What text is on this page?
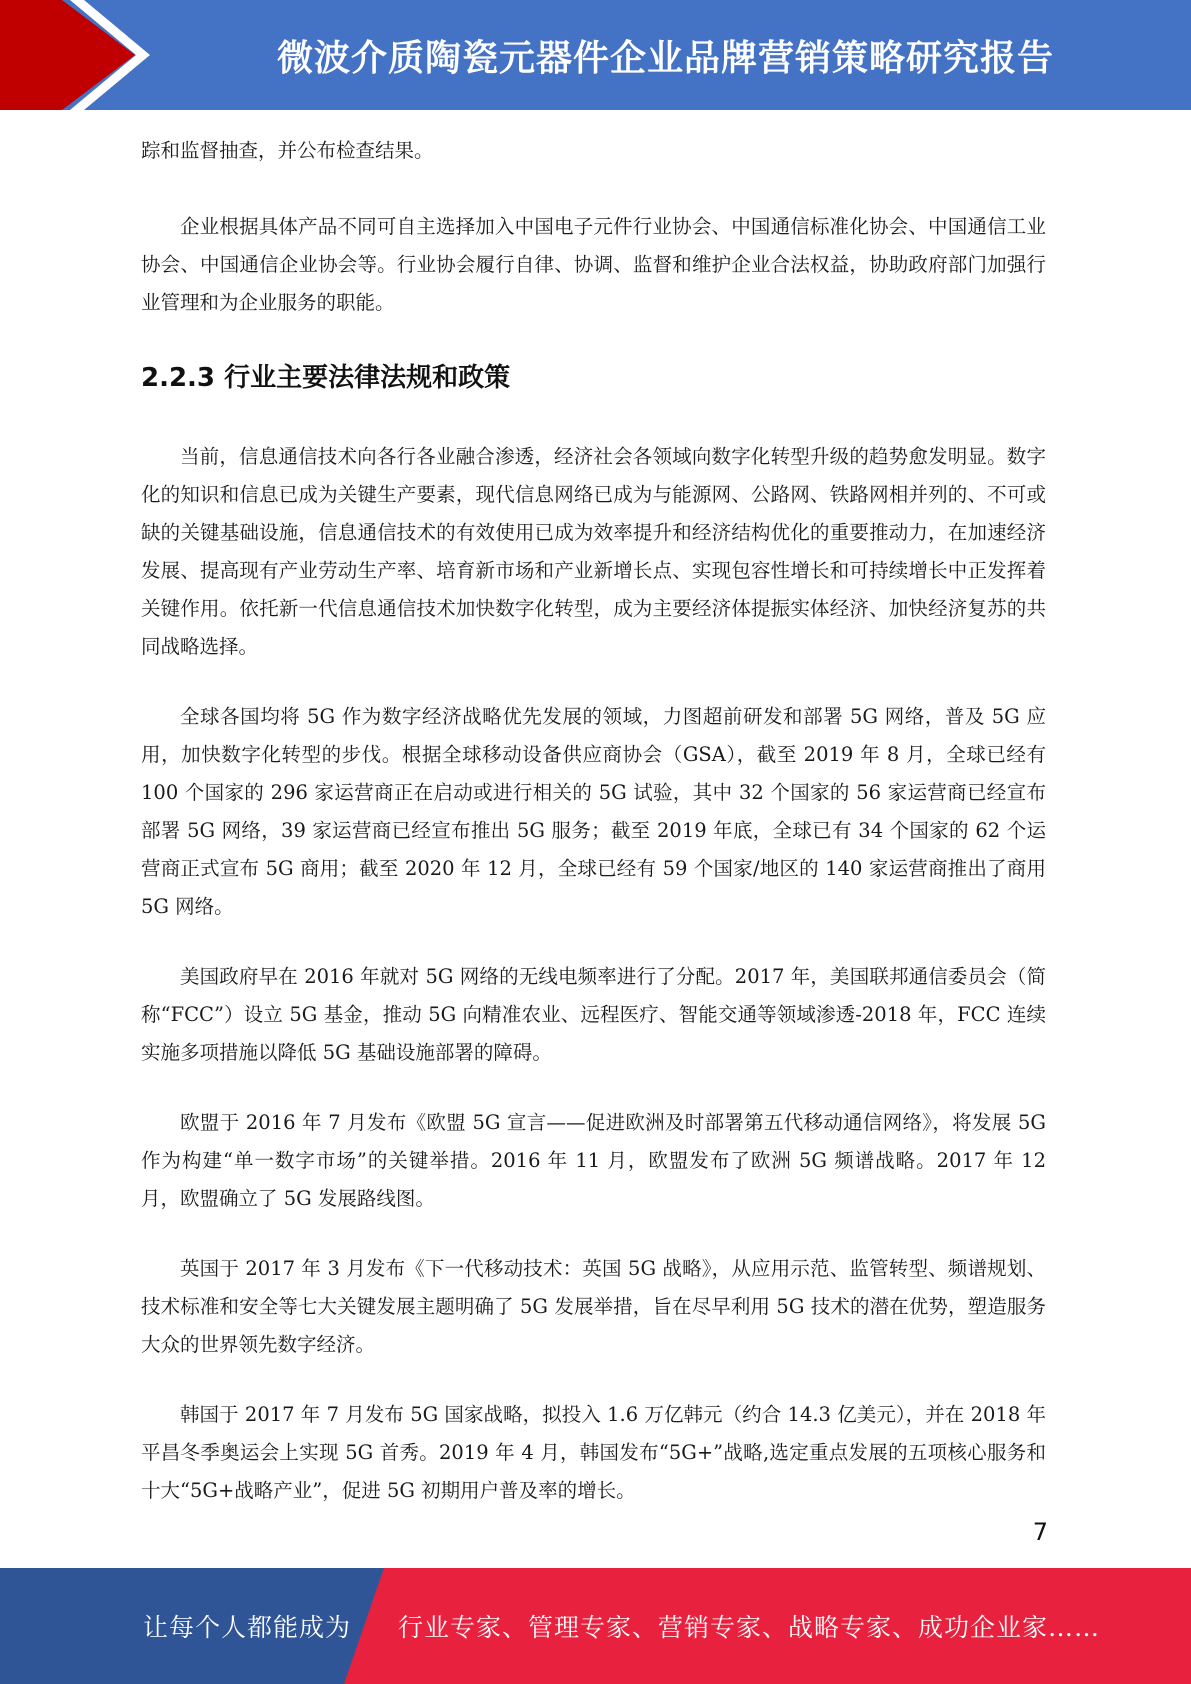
微波介质陶瓷元器件企业品牌营销策略研究报告

踪和监督抽查，并公布检查结果。

企业根据具体产品不同可自主选择加入中国电子元件行业协会、中国通信标准化协会、中国通信工业协会、中国通信企业协会等。行业协会履行自律、协调、监督和维护企业合法权益，协助政府部门加强行业管理和为企业服务的职能。

2.2.3 行业主要法律法规和政策

当前，信息通信技术向各行各业融合渗透，经济社会各领域向数字化转型升级的趋势愈发明显。数字化的知识和信息已成为关键生产要素，现代信息网络已成为与能源网、公路网、铁路网相并列的、不可或缺的关键基础设施，信息通信技术的有效使用已成为效率提升和经济结构优化的重要推动力，在加速经济发展、提高现有产业劳动生产率、培育新市场和产业新增长点、实现包容性增长和可持续增长中正发挥着关键作用。依托新一代信息通信技术加快数字化转型，成为主要经济体提振实体经济、加快经济复苏的共同战略选择。

全球各国均将 5G 作为数字经济战略优先发展的领域，力图超前研发和部署 5G 网络，普及 5G 应用，加快数字化转型的步伐。根据全球移动设备供应商协会（GSA），截至 2019 年 8 月，全球已经有 100 个国家的 296 家运营商正在启动或进行相关的 5G 试验，其中 32 个国家的 56 家运营商已经宣布部署 5G 网络，39 家运营商已经宣布推出 5G 服务；截至 2019 年底，全球已有 34 个国家的 62 个运营商正式宣布 5G 商用；截至 2020 年 12 月，全球已经有 59 个国家/地区的 140 家运营商推出了商用 5G 网络。

美国政府早在 2016 年就对 5G 网络的无线电频率进行了分配。2017 年，美国联邦通信委员会（简称“FCC”）设立 5G 基金，推动 5G 向精准农业、远程医疗、智能交通等领域渗透-2018 年，FCC 连续实施多项措施以降低 5G 基础设施部署的障碍。

欧盟于 2016 年 7 月发布《欧盟 5G 宣言——促进欧洲及时部署第五代移动通信网络》，将发展 5G 作为构建“单一数字市场”的关键举措。2016 年 11 月，欧盟发布了欧洲 5G 频谱战略。2017 年 12 月，欧盟确立了 5G 发展路线图。

英国于 2017 年 3 月发布《下一代移动技术：英国 5G 战略》，从应用示范、监管转型、频谱规划、技术标准和安全等七大关键发展主题明确了 5G 发展举措，旨在尽早利用 5G 技术的潜在优势，塑造服务大众的世界领先数字经济。

韩国于 2017 年 7 月发布 5G 国家战略，拟投入 1.6 万亿韩元（约合 14.3 亿美元），并在 2018 年平昌冬季奥运会上实现 5G 首秀。2019 年 4 月，韩国发布“5G+”战略,选定重点发展的五项核心服务和十大“5G+战略产业”，促进 5G 初期用户普及率的增长。

7
让每个人都能成为 行业专家、管理专家、营销专家、战略专家、成功企业家……
